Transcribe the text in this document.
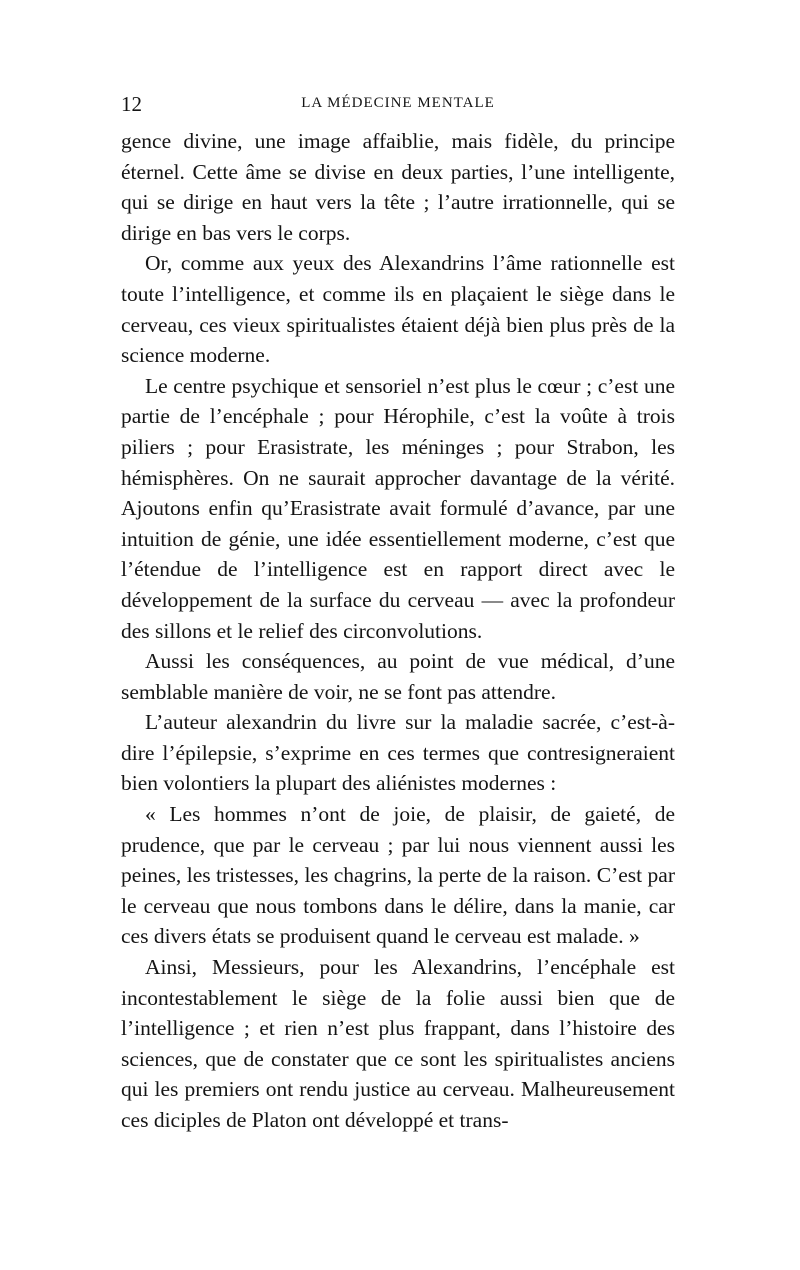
12	LA MÉDECINE MENTALE

gence divine, une image affaiblie, mais fidèle, du principe éternel. Cette âme se divise en deux parties, l’une intelligente, qui se dirige en haut vers la tête ; l’autre irrationnelle, qui se dirige en bas vers le corps.

Or, comme aux yeux des Alexandrins l’âme rationnelle est toute l’intelligence, et comme ils en plaçaient le siège dans le cerveau, ces vieux spiritualistes étaient déjà bien plus près de la science moderne.

Le centre psychique et sensoriel n’est plus le cœur ; c’est une partie de l’encéphale ; pour Hérophile, c’est la voûte à trois piliers ; pour Erasistrate, les méninges ; pour Strabon, les hémisphères. On ne saurait approcher davantage de la vérité. Ajoutons enfin qu’Erasistrate avait formulé d’avance, par une intuition de génie, une idée essentiellement moderne, c’est que l’étendue de l’intelligence est en rapport direct avec le développement de la surface du cerveau — avec la profondeur des sillons et le relief des circonvolutions.

Aussi les conséquences, au point de vue médical, d’une semblable manière de voir, ne se font pas attendre.

L’auteur alexandrin du livre sur la maladie sacrée, c’est-à-dire l’épilepsie, s’exprime en ces termes que contresigneraient bien volontiers la plupart des aliénistes modernes :

« Les hommes n’ont de joie, de plaisir, de gaieté, de prudence, que par le cerveau ; par lui nous viennent aussi les peines, les tristesses, les chagrins, la perte de la raison. C’est par le cerveau que nous tombons dans le délire, dans la manie, car ces divers états se produisent quand le cerveau est malade. »

Ainsi, Messieurs, pour les Alexandrins, l’encéphale est incontestablement le siège de la folie aussi bien que de l’intelligence ; et rien n’est plus frappant, dans l’histoire des sciences, que de constater que ce sont les spiritualistes anciens qui les premiers ont rendu justice au cerveau. Malheureusement ces diciples de Platon ont développé et trans-
